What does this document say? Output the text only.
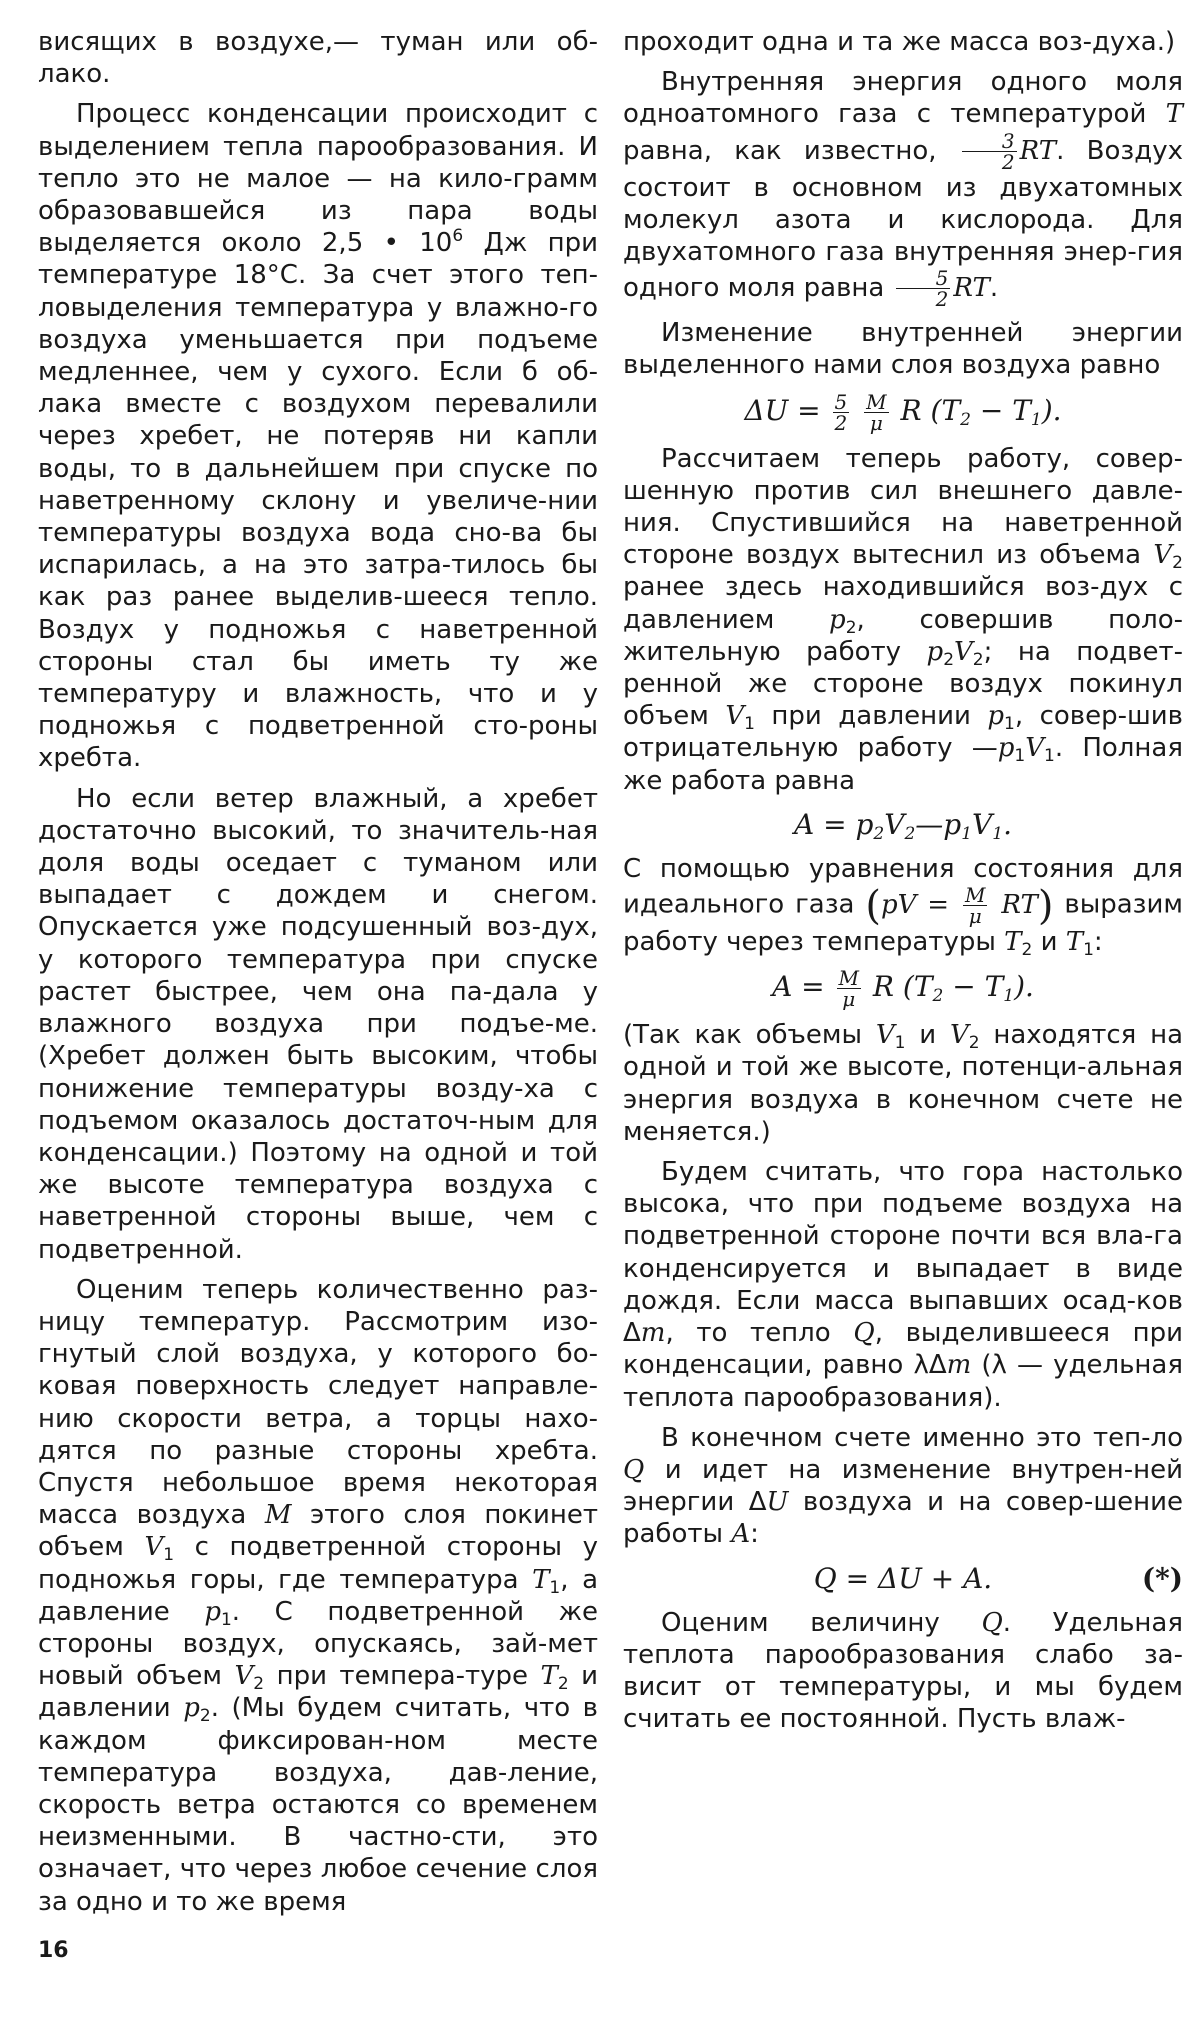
висящих в воздухе,— туман или об-лако.

Процесс конденсации происходит с выделением тепла парообразования. И тепло это не малое — на кило-грамм образовавшейся из пара воды выделяется около 2,5 • $10^6$ Дж при температуре 18°С. За счет этого теп-ловыделения температура у влажно-го воздуха уменьшается при подъеме медленнее, чем у сухого. Если б об-лака вместе с воздухом перевалили через хребет, не потеряв ни капли воды, то в дальнейшем при спуске по наветренному склону и увеличе-нии температуры воздуха вода сно-ва бы испарилась, а на это затра-тилось бы как раз ранее выделив-шееся тепло. Воздух у подножья с наветренной стороны стал бы иметь ту же температуру и влажность, что и у подножья с подветренной сто-роны хребта.

Но если ветер влажный, а хребет достаточно высокий, то значитель-ная доля воды оседает с туманом или выпадает с дождем и снегом. Опускается уже подсушенный воз-дух, у которого температура при спуске растет быстрее, чем она па-дала у влажного воздуха при подъе-ме. (Хребет должен быть высоким, чтобы понижение температуры возду-ха с подъемом оказалось достаточ-ным для конденсации.) Поэтому на одной и той же высоте температура воздуха с наветренной стороны выше, чем с подветренной.

Оценим теперь количественно раз-ницу температур. Рассмотрим изо-гнутый слой воздуха, у которого бо-ковая поверхность следует направле-нию скорости ветра, а торцы нахо-дятся по разные стороны хребта. Спустя небольшое время некоторая масса воздуха M этого слоя покинет объем $V_1$ с подветренной стороны у подножья горы, где температура $T_1$, а давление $p_1$. С подветренной же стороны воздух, опускаясь, зай-мет новый объем $V_2$ при темпера-туре $T_2$ и давлении $p_2$. (Мы будем считать, что в каждом фиксирован-ном месте температура воздуха, дав-ление, скорость ветра остаются со временем неизменными. В частно-сти, это означает, что через любое сечение слоя за одно и то же время

проходит одна и та же масса воз-духа.)

Внутренняя энергия одного моля одноатомного газа с температурой T равна, как известно, $\frac{3}{2}$ RT. Воздух состоит в основном из двухатомных молекул азота и кислорода. Для двухатомного газа внутренняя энер-гия одного моля равна $\frac{5}{2}$ RT.

Изменение внутренней энергии выделенного нами слоя воздуха равно

$\Delta U = \frac{5}{2}$
$\frac{M}{\mu}$ R $(T_2 - T_1)$.

Рассчитаем теперь работу, совер-шенную против сил внешнего давле-ния. Спустившийся на наветренной стороне воздух вытеснил из объема $V_2$ ранее здесь находившийся воз-дух с давлением $p_2$, совершив поло-жительную работу $p_2V_2$; на подвет-ренной же стороне воздух покинул объем $V_1$ при давлении $p_1$, совер-шив отрицательную работу $—p_1V_1$. Полная же работа равна

$A = p_2V_2—p_1V_1$.

С помощью уравнения состояния для идеального газа $(pV = \frac{M}{\mu} RT)$ выразим работу через температуры $T_2$ и $T_1$:

$A = \frac{M}{\mu}$ R $(T_2 - T_1)$.

(Так как объемы $V_1$ и $V_2$ находятся на одной и той же высоте, потенци-альная энергия воздуха в конечном счете не меняется.)

Будем считать, что гора настолько высока, что при подъеме воздуха на подветренной стороне почти вся вла-га конденсируется и выпадает в виде дождя. Если масса выпавших осад-ков Δm, то тепло Q, выделившееся при конденсации, равно λΔm (λ — удельная теплота парообразования).

В конечном счете именно это теп-ло Q и идет на изменение внутрен-ней энергии ΔU воздуха и на совер-шение работы A:

Q = ΔU + A.	(*)

Оценим величину Q. Удельная теплота парообразования слабо за-висит от температуры, и мы будем считать ее постоянной. Пусть влаж-

16
